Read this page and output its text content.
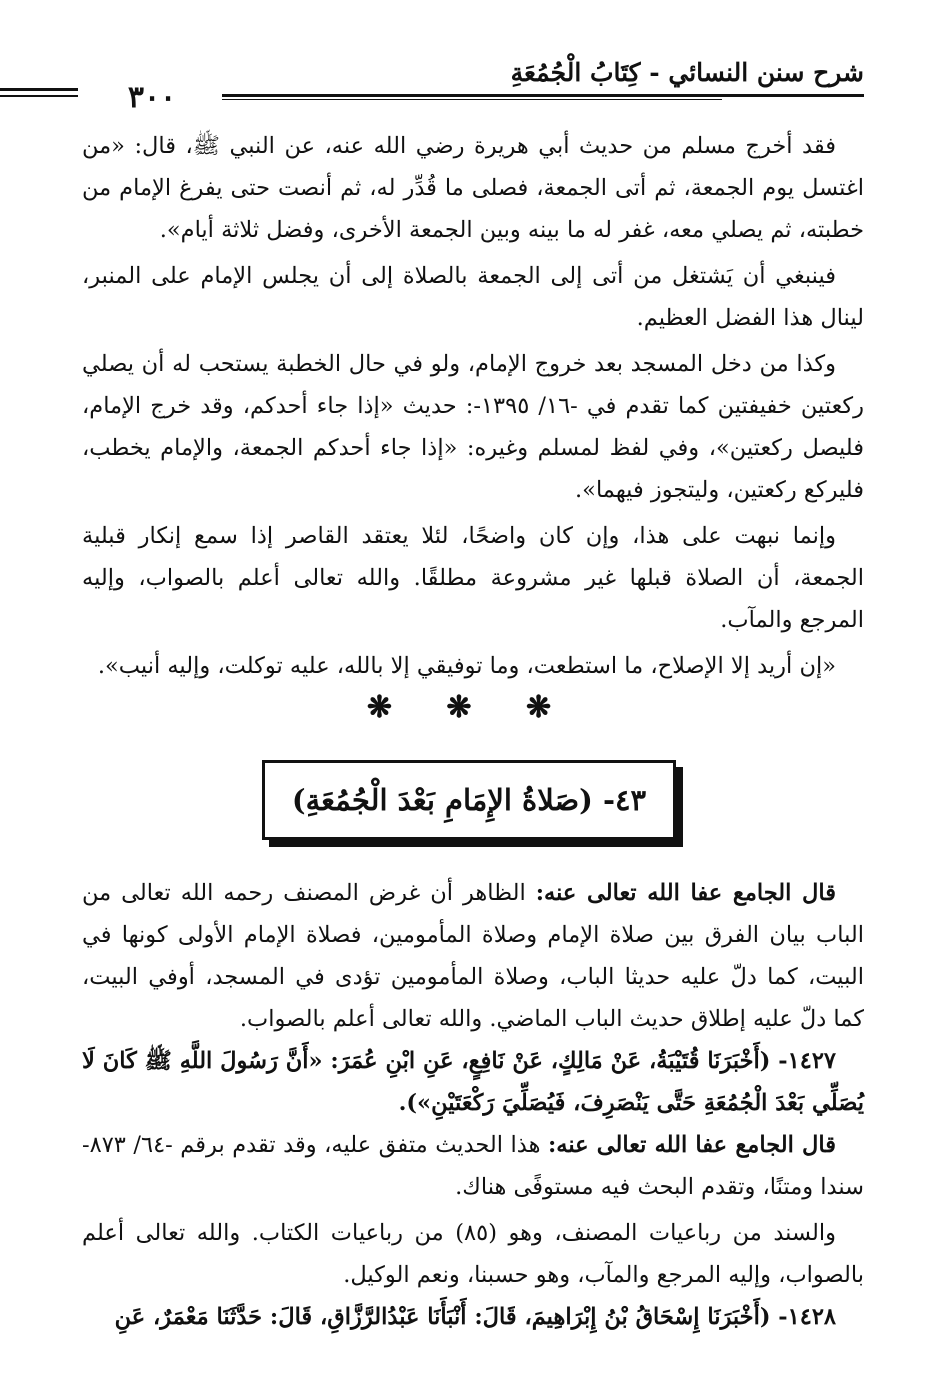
شرح سنن النسائي - كِتَابُ الْجُمُعَةِ
٣٠٠

فقد أخرج مسلم من حديث أبي هريرة رضي الله عنه، عن النبي ﷺ، قال: «من اغتسل يوم الجمعة، ثم أتى الجمعة، فصلى ما قُدِّر له، ثم أنصت حتى يفرغ الإمام من خطبته، ثم يصلي معه، غفر له ما بينه وبين الجمعة الأخرى، وفضل ثلاثة أيام».

فينبغي أن يَشتغل من أتى إلى الجمعة بالصلاة إلى أن يجلس الإمام على المنبر، لينال هذا الفضل العظيم.

وكذا من دخل المسجد بعد خروج الإمام، ولو في حال الخطبة يستحب له أن يصلي ركعتين خفيفتين كما تقدم في -١٦/ ١٣٩٥-: حديث «إذا جاء أحدكم، وقد خرج الإمام، فليصل ركعتين»، وفي لفظ لمسلم وغيره: «إذا جاء أحدكم الجمعة، والإمام يخطب، فليركع ركعتين، وليتجوز فيهما».

وإنما نبهت على هذا، وإن كان واضحًا، لئلا يعتقد القاصر إذا سمع إنكار قبلية الجمعة، أن الصلاة قبلها غير مشروعة مطلقًا. والله تعالى أعلم بالصواب، وإليه المرجع والمآب.

«إن أريد إلا الإصلاح، ما استطعت، وما توفيقي إلا بالله، عليه توكلت، وإليه أنيب».

❋ ❋ ❋
٤٣- (صَلاةُ الإِمَامِ بَعْدَ الْجُمُعَةِ)

قال الجامع عفا الله تعالى عنه: الظاهر أن غرض المصنف رحمه الله تعالى من الباب بيان الفرق بين صلاة الإمام وصلاة المأمومين، فصلاة الإمام الأولى كونها في البيت، كما دلّ عليه حديثا الباب، وصلاة المأمومين تؤدى في المسجد، أوفي البيت، كما دلّ عليه إطلاق حديث الباب الماضي. والله تعالى أعلم بالصواب.

١٤٢٧- (أَخْبَرَنَا قُتَيْبَةُ، عَنْ مَالِكٍ، عَنْ نَافِعٍ، عَنِ ابْنِ عُمَرَ: «أَنَّ رَسُولَ اللَّهِ ﷺ كَانَ لَا يُصَلِّي بَعْدَ الْجُمُعَةِ حَتَّى يَنْصَرِفَ، فَيُصَلِّيَ رَكْعَتَيْنِ»).

قال الجامع عفا الله تعالى عنه: هذا الحديث متفق عليه، وقد تقدم برقم -٦٤/ ٨٧٣- سندا ومتنًا، وتقدم البحث فيه مستوفًى هناك.

والسند من رباعيات المصنف، وهو (٨٥) من رباعيات الكتاب. والله تعالى أعلم بالصواب، وإليه المرجع والمآب، وهو حسبنا، ونعم الوكيل.

١٤٢٨- (أَخْبَرَنَا إِسْحَاقُ بْنُ إِبْرَاهِيمَ، قَالَ: أَنْبَأَنَا عَبْدُالرَّزَّاقِ، قَالَ: حَدَّثَنَا مَعْمَرٌ، عَنِ
